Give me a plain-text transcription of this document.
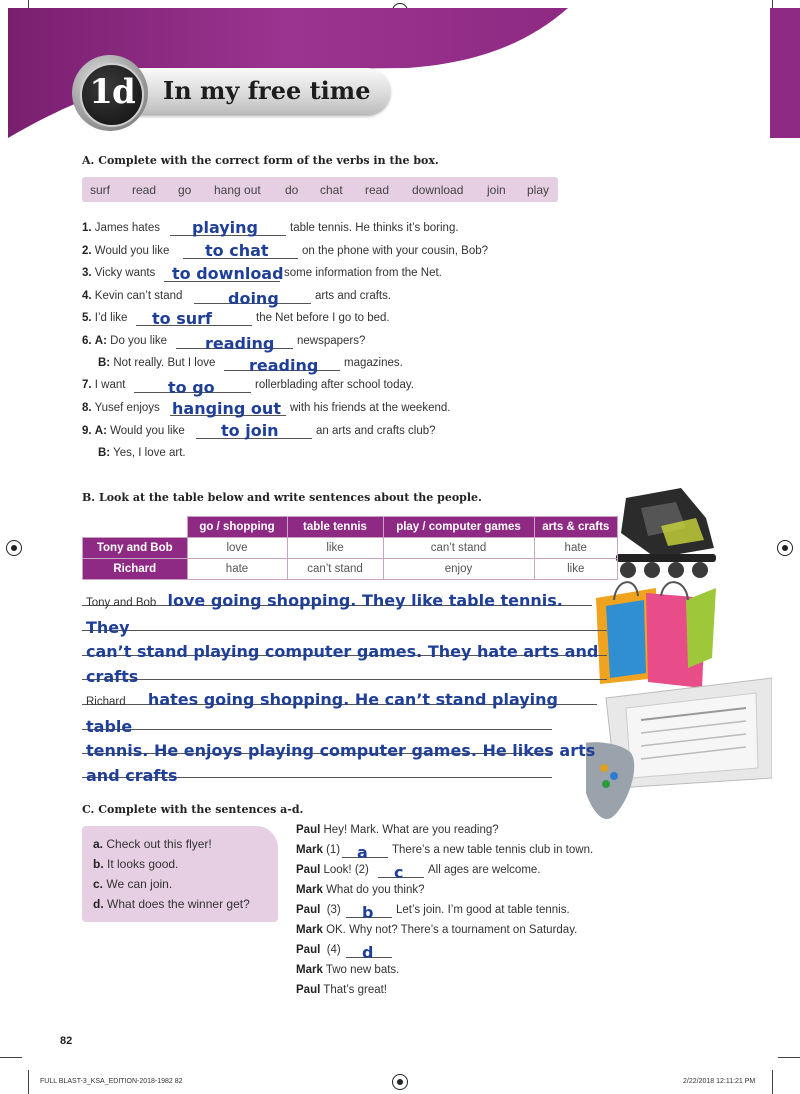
In my free time
1d
A. Complete with the correct form of the verbs in the box.
surf read go hang out do chat read download join play
1. James hates playing	table tennis. He thinks it’s boring.
2. Would you like to chat	on the phone with your cousin, Bob?
3. Vicky wants to download some information from the Net.
4. Kevin can’t stand	doing	arts and crafts.
5. I’d like to surf	the Net before I go to bed.
6. A: Do you like reading newspapers?
B: Not really. But I love reading magazines.
7. I want	to go	rollerblading after school today.
8. Yusef enjoys hanging out with his friends at the weekend.
9. A: Would you like to join	an arts and crafts club?
B: Yes, I love art.
B. Look at the table below and write sentences about the people.
	go / shopping	table tennis	play / computer games	arts & crafts
Tony and Bob	love	like	can’t stand	hate
Richard	hate	can’t stand	enjoy	like
Tony and Bob love going shopping. They like table tennis. They
can’t stand playing computer games. They hate arts and
crafts
Richard hates going shopping. He can’t stand playing table
tennis. He enjoys playing computer games. He likes arts
and crafts
C. Complete with the sentences a-d.
a. Check out this flyer!
b. It looks good.
c. We can join.
d. What does the winner get?
Paul Hey! Mark. What are you reading?
Mark (1) a There’s a new table tennis club in town.
Paul Look! (2) c All ages are welcome.
Mark What do you think?
Paul (3) b Let’s join. I’m good at table tennis.
Mark OK. Why not? There’s a tournament on Saturday.
Paul (4) d
Mark Two new bats.
Paul That’s great!
82
FULL BLAST-3_KSA_EDITION-2018-1982 82	2/22/2018 12:11:21 PM
